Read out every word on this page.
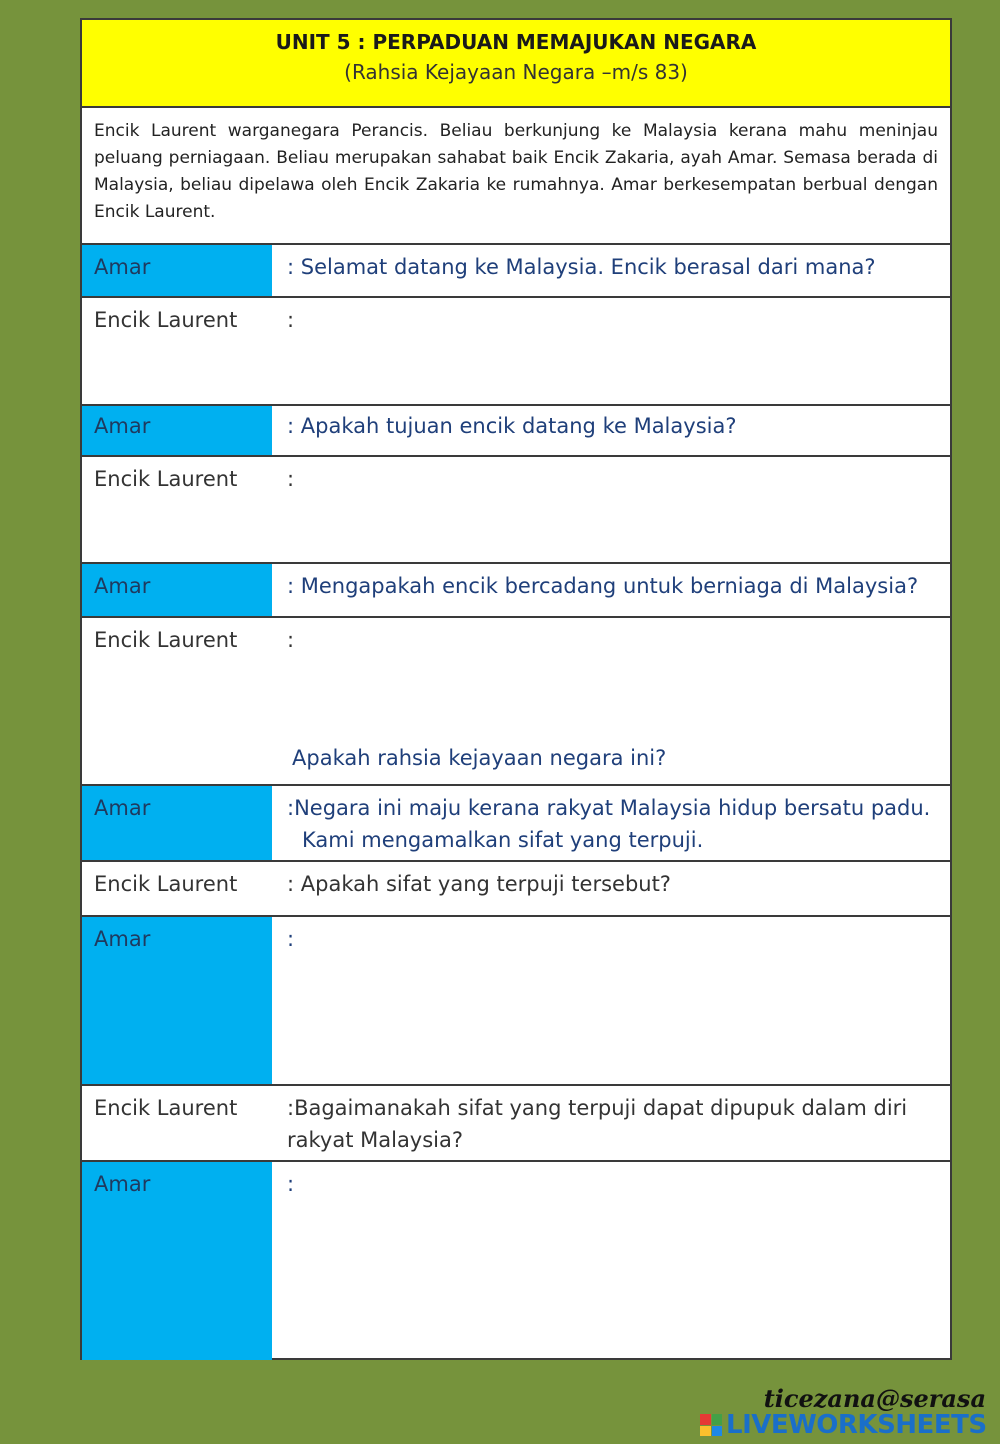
UNIT 5 : PERPADUAN MEMAJUKAN NEGARA
(Rahsia Kejayaan Negara –m/s 83)
Encik Laurent warganegara Perancis. Beliau berkunjung ke Malaysia kerana mahu meninjau peluang perniagaan. Beliau merupakan sahabat baik Encik Zakaria, ayah Amar. Semasa berada di Malaysia, beliau dipelawa oleh Encik Zakaria ke rumahnya. Amar berkesempatan berbual dengan Encik Laurent.
Amar	: Selamat datang ke Malaysia. Encik berasal dari mana?
Encik Laurent	:
Amar	: Apakah tujuan encik datang ke Malaysia?
Encik Laurent	:
Amar	: Mengapakah encik bercadang untuk berniaga di Malaysia?
Encik Laurent	:
Apakah rahsia kejayaan negara ini?
Amar	:Negara ini maju kerana rakyat Malaysia hidup bersatu padu.
Kami mengamalkan sifat yang terpuji.
Encik Laurent	: Apakah sifat yang terpuji tersebut?
Amar	:
Encik Laurent	:Bagaimanakah sifat yang terpuji dapat dipupuk dalam diri
rakyat Malaysia?
Amar	:
ticezana@serasa
LIVEWORKSHEETS
